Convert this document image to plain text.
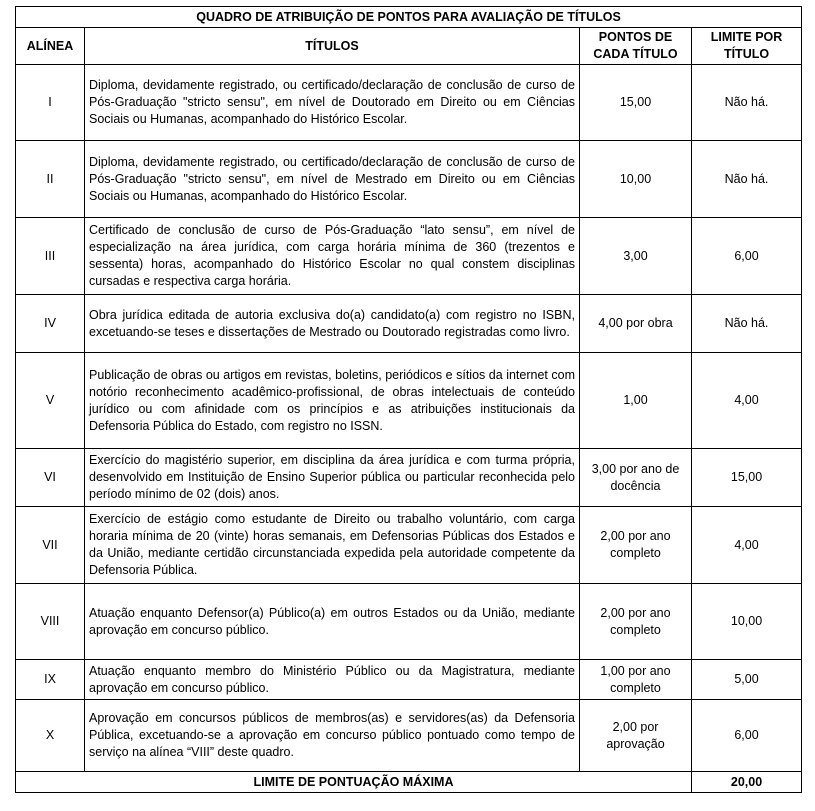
QUADRO DE ATRIBUIÇÃO DE PONTOS PARA AVALIAÇÃO DE TÍTULOS			
ALÍNEA	TÍTULOS	PONTOS DE CADA TÍTULO	LIMITE POR TÍTULO
I	Diploma, devidamente registrado, ou certificado/declaração de conclusão de curso de Pós-Graduação "stricto sensu", em nível de Doutorado em Direito ou em Ciências Sociais ou Humanas, acompanhado do Histórico Escolar.	15,00	Não há.
II	Diploma, devidamente registrado, ou certificado/declaração de conclusão de curso de Pós-Graduação "stricto sensu", em nível de Mestrado em Direito ou em Ciências Sociais ou Humanas, acompanhado do Histórico Escolar.	10,00	Não há.
III	Certificado de conclusão de curso de Pós-Graduação “lato sensu”, em nível de especialização na área jurídica, com carga horária mínima de 360 (trezentos e sessenta) horas, acompanhado do Histórico Escolar no qual constem disciplinas cursadas e respectiva carga horária.	3,00	6,00
IV	Obra jurídica editada de autoria exclusiva do(a) candidato(a) com registro no ISBN, excetuando-se teses e dissertações de Mestrado ou Doutorado registradas como livro.	4,00 por obra	Não há.
V	Publicação de obras ou artigos em revistas, boletins, periódicos e sítios da internet com notório reconhecimento acadêmico-profissional, de obras intelectuais de conteúdo jurídico ou com afinidade com os princípios e as atribuições institucionais da Defensoria Pública do Estado, com registro no ISSN.	1,00	4,00
VI	Exercício do magistério superior, em disciplina da área jurídica e com turma própria, desenvolvido em Instituição de Ensino Superior pública ou particular reconhecida pelo período mínimo de 02 (dois) anos.	3,00 por ano de docência	15,00
VII	Exercício de estágio como estudante de Direito ou trabalho voluntário, com carga horaria mínima de 20 (vinte) horas semanais, em Defensorias Públicas dos Estados e da União, mediante certidão circunstanciada expedida pela autoridade competente da Defensoria Pública.	2,00 por ano completo	4,00
VIII	Atuação enquanto Defensor(a) Público(a) em outros Estados ou da União, mediante aprovação em concurso público.	2,00 por ano completo	10,00
IX	Atuação enquanto membro do Ministério Público ou da Magistratura, mediante aprovação em concurso público.	1,00 por ano completo	5,00
X	Aprovação em concursos públicos de membros(as) e servidores(as) da Defensoria Pública, excetuando-se a aprovação em concurso público pontuado como tempo de serviço na alínea “VIII” deste quadro.	2,00 por aprovação	6,00
LIMITE DE PONTUAÇÃO MÁXIMA			20,00
